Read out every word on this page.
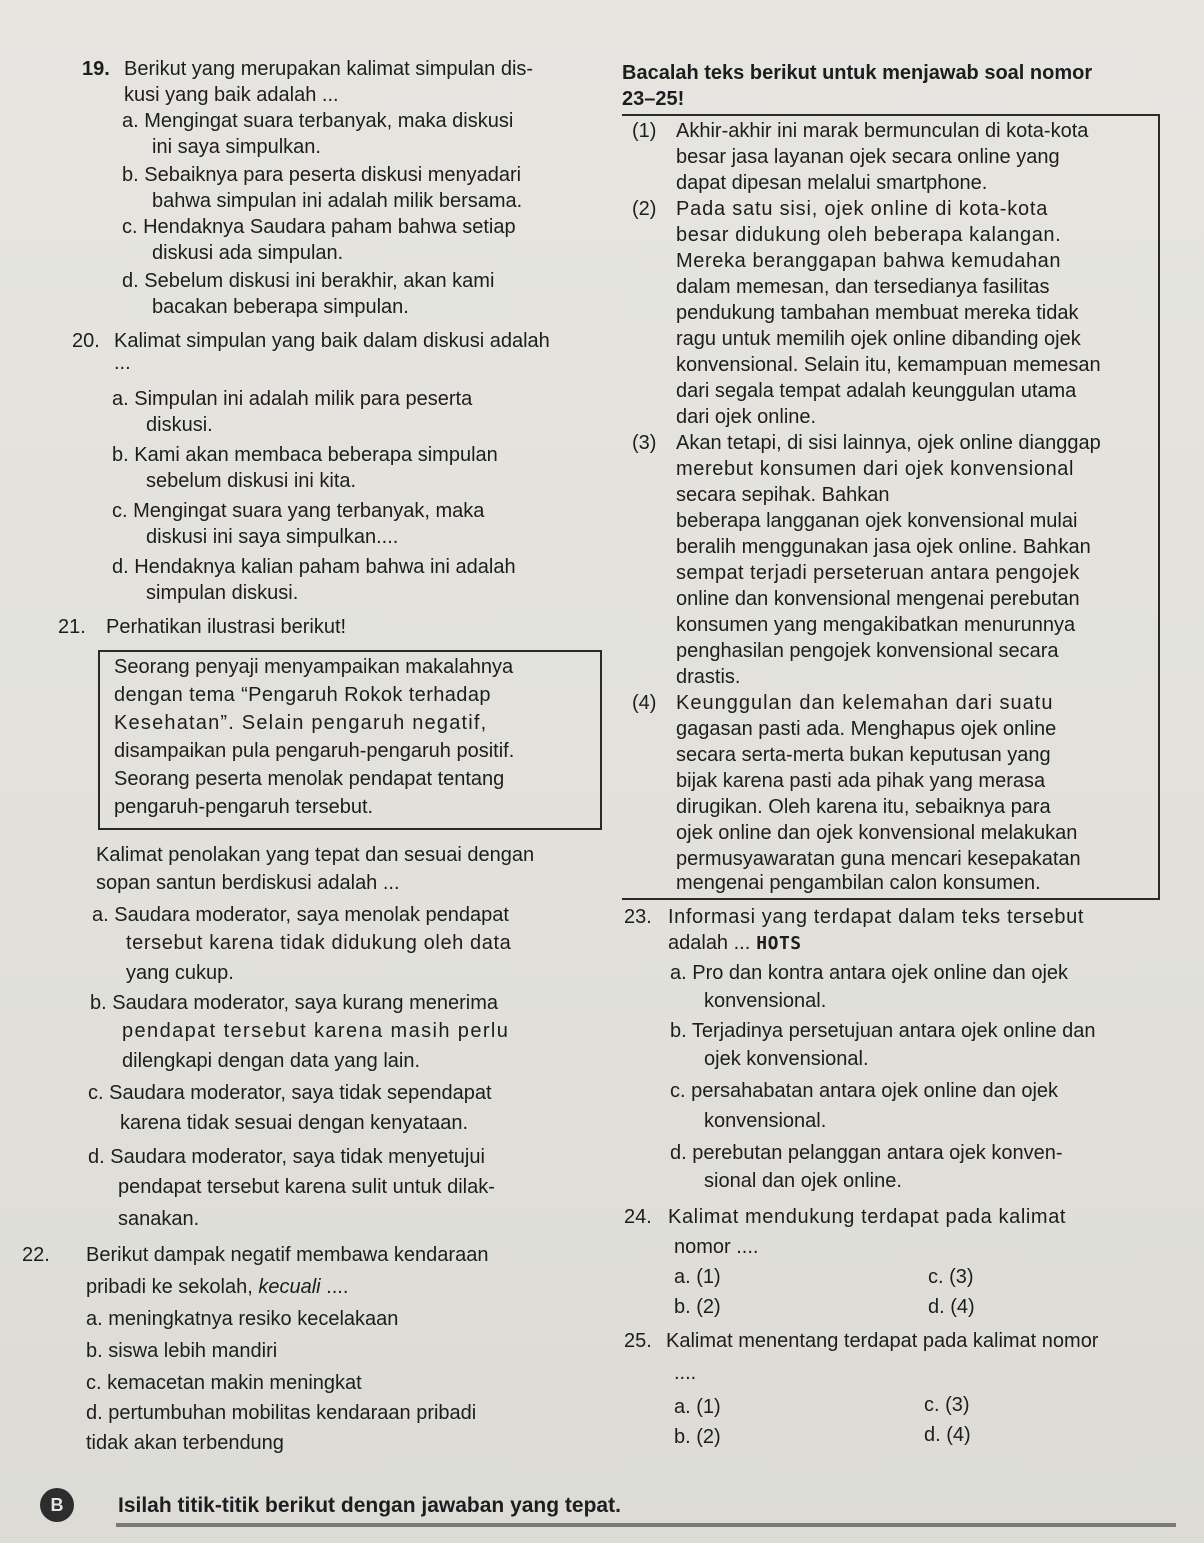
19. Berikut yang merupakan kalimat simpulan dis-
kusi yang baik adalah ...
a. Mengingat suara terbanyak, maka diskusi
ini saya simpulkan.
b. Sebaiknya para peserta diskusi menyadari
bahwa simpulan ini adalah milik bersama.
c. Hendaknya Saudara paham bahwa setiap
diskusi ada simpulan.
d. Sebelum diskusi ini berakhir, akan kami
bacakan beberapa simpulan.
20. Kalimat simpulan yang baik dalam diskusi adalah
...
a. Simpulan ini adalah milik para peserta
diskusi.
b. Kami akan membaca beberapa simpulan
sebelum diskusi ini kita.
c. Mengingat suara yang terbanyak, maka
diskusi ini saya simpulkan....
d. Hendaknya kalian paham bahwa ini adalah
simpulan diskusi.
21. Perhatikan ilustrasi berikut!
Seorang penyaji menyampaikan makalahnya
dengan tema “Pengaruh Rokok terhadap
Kesehatan”. Selain pengaruh negatif,
disampaikan pula pengaruh-pengaruh positif.
Seorang peserta menolak pendapat tentang
pengaruh-pengaruh tersebut.
Kalimat penolakan yang tepat dan sesuai dengan
sopan santun berdiskusi adalah ...
a. Saudara moderator, saya menolak pendapat
tersebut karena tidak didukung oleh data
yang cukup.
b. Saudara moderator, saya kurang menerima
pendapat tersebut karena masih perlu
dilengkapi dengan data yang lain.
c. Saudara moderator, saya tidak sependapat
karena tidak sesuai dengan kenyataan.
d. Saudara moderator, saya tidak menyetujui
pendapat tersebut karena sulit untuk dilak-
sanakan.
22. Berikut dampak negatif membawa kendaraan
pribadi ke sekolah, kecuali ....
a. meningkatnya resiko kecelakaan
b. siswa lebih mandiri
c. kemacetan makin meningkat
d. pertumbuhan mobilitas kendaraan pribadi
tidak akan terbendung
Bacalah teks berikut untuk menjawab soal nomor
23–25!
(1) Akhir-akhir ini marak bermunculan di kota-kota
besar jasa layanan ojek secara online yang
dapat dipesan melalui smartphone.
(2) Pada satu sisi, ojek online di kota-kota
besar didukung oleh beberapa kalangan.
Mereka beranggapan bahwa kemudahan
dalam memesan, dan tersedianya fasilitas
pendukung tambahan membuat mereka tidak
ragu untuk memilih ojek online dibanding ojek
konvensional. Selain itu, kemampuan memesan
dari segala tempat adalah keunggulan utama
dari ojek online.
(3) Akan tetapi, di sisi lainnya, ojek online dianggap
merebut konsumen dari ojek konvensional
secara sepihak. Bahkan
beberapa langganan ojek konvensional mulai
beralih menggunakan jasa ojek online. Bahkan
sempat terjadi perseteruan antara pengojek
online dan konvensional mengenai perebutan
konsumen yang mengakibatkan menurunnya
penghasilan pengojek konvensional secara
drastis.
(4) Keunggulan dan kelemahan dari suatu
gagasan pasti ada. Menghapus ojek online
secara serta-merta bukan keputusan yang
bijak karena pasti ada pihak yang merasa
dirugikan. Oleh karena itu, sebaiknya para
ojek online dan ojek konvensional melakukan
permusyawaratan guna mencari kesepakatan
mengenai pengambilan calon konsumen.
23. Informasi yang terdapat dalam teks tersebut
adalah ... HOTS
a. Pro dan kontra antara ojek online dan ojek
konvensional.
b. Terjadinya persetujuan antara ojek online dan
ojek konvensional.
c. persahabatan antara ojek online dan ojek
konvensional.
d. perebutan pelanggan antara ojek konven-
sional dan ojek online.
24. Kalimat mendukung terdapat pada kalimat
nomor ....
a. (1)	c. (3)
b. (2)	d. (4)
25. Kalimat menentang terdapat pada kalimat nomor
....
a. (1)	c. (3)
b. (2)	d. (4)
B	Isilah titik-titik berikut dengan jawaban yang tepat.
